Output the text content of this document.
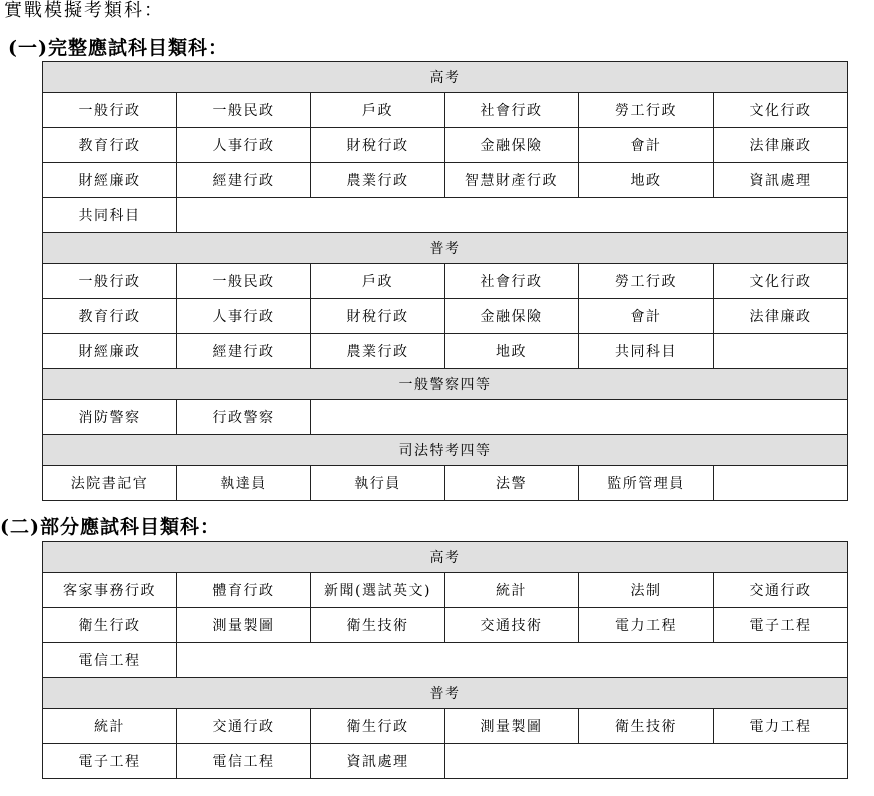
實戰模擬考類科：
(一)完整應試科目類科：
高考					
一般行政	一般民政	戶政	社會行政	勞工行政	文化行政
教育行政	人事行政	財稅行政	金融保險	會計	法律廉政
財經廉政	經建行政	農業行政	智慧財產行政	地政	資訊處理
共同科目					
普考					
一般行政	一般民政	戶政	社會行政	勞工行政	文化行政
教育行政	人事行政	財稅行政	金融保險	會計	法律廉政
財經廉政	經建行政	農業行政	地政	共同科目	
一般警察四等					
消防警察	行政警察				
司法特考四等					
法院書記官	執達員	執行員	法警	監所管理員	
(二)部分應試科目類科：
高考					
客家事務行政	體育行政	新聞(選試英文)	統計	法制	交通行政
衛生行政	測量製圖	衛生技術	交通技術	電力工程	電子工程
電信工程					
普考					
統計	交通行政	衛生行政	測量製圖	衛生技術	電力工程
電子工程	電信工程	資訊處理			
